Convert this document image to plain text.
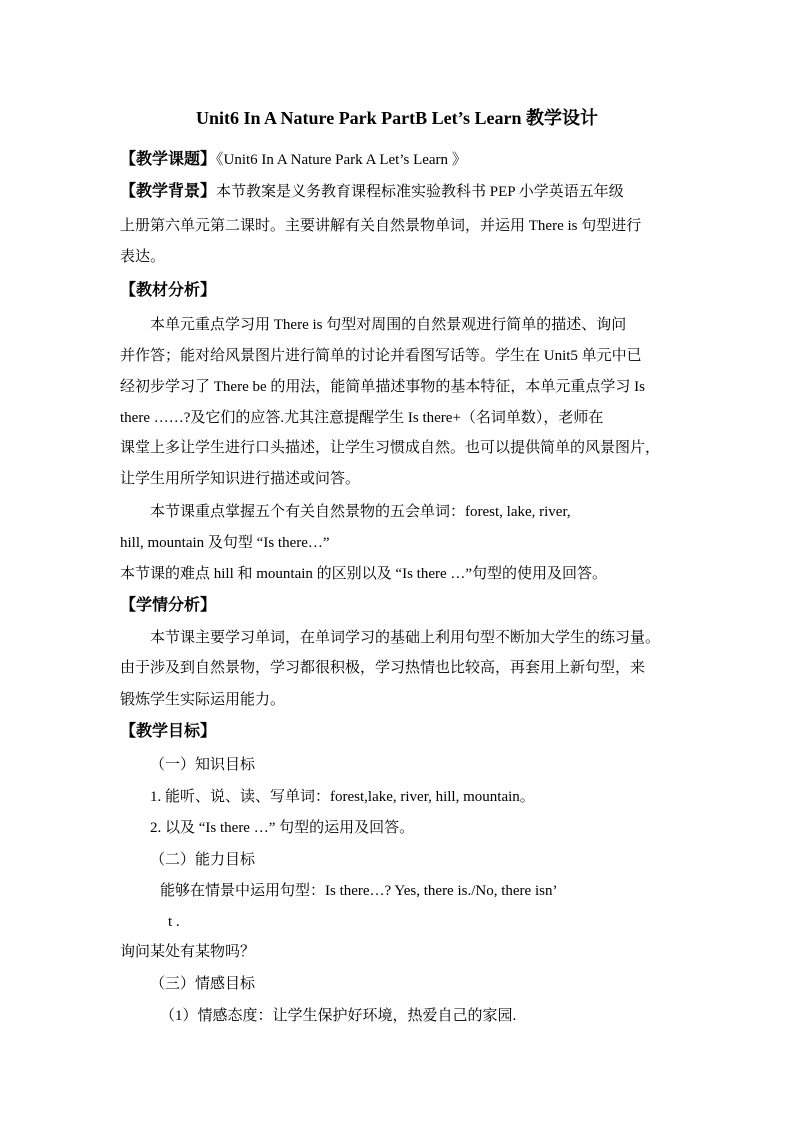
Unit6 In A Nature Park PartB Let’s Learn 教学设计
【教学课题】《Unit6 In A Nature Park A Let’s Learn 》
【教学背景】本节教案是义务教育课程标准实验教科书 PEP 小学英语五年级
上册第六单元第二课时。主要讲解有关自然景物单词，并运用 There is 句型进行
表达。
【教材分析】
本单元重点学习用 There is 句型对周围的自然景观进行简单的描述、询问
并作答；能对给风景图片进行简单的讨论并看图写话等。学生在 Unit5 单元中已
经初步学习了 There be 的用法，能简单描述事物的基本特征，本单元重点学习 Is
there ……?及它们的应答.尤其注意提醒学生 Is there+（名词单数），老师在
课堂上多让学生进行口头描述，让学生习惯成自然。也可以提供简单的风景图片，
让学生用所学知识进行描述或问答。
本节课重点掌握五个有关自然景物的五会单词：forest, lake, river,
hill, mountain 及句型 “Is there…”
本节课的难点 hill 和 mountain 的区别以及 “Is there …”句型的使用及回答。
【学情分析】
本节课主要学习单词，在单词学习的基础上利用句型不断加大学生的练习量。
由于涉及到自然景物，学习都很积极，学习热情也比较高，再套用上新句型，来
锻炼学生实际运用能力。
【教学目标】
（一）知识目标
1. 能听、说、读、写单词：forest,lake, river, hill, mountain。
2. 以及 “Is there …” 句型的运用及回答。
（二）能力目标
能够在情景中运用句型：Is there…? Yes, there is./No, there isn’
t .
询问某处有某物吗？
（三）情感目标
（1）情感态度：让学生保护好环境，热爱自己的家园.
